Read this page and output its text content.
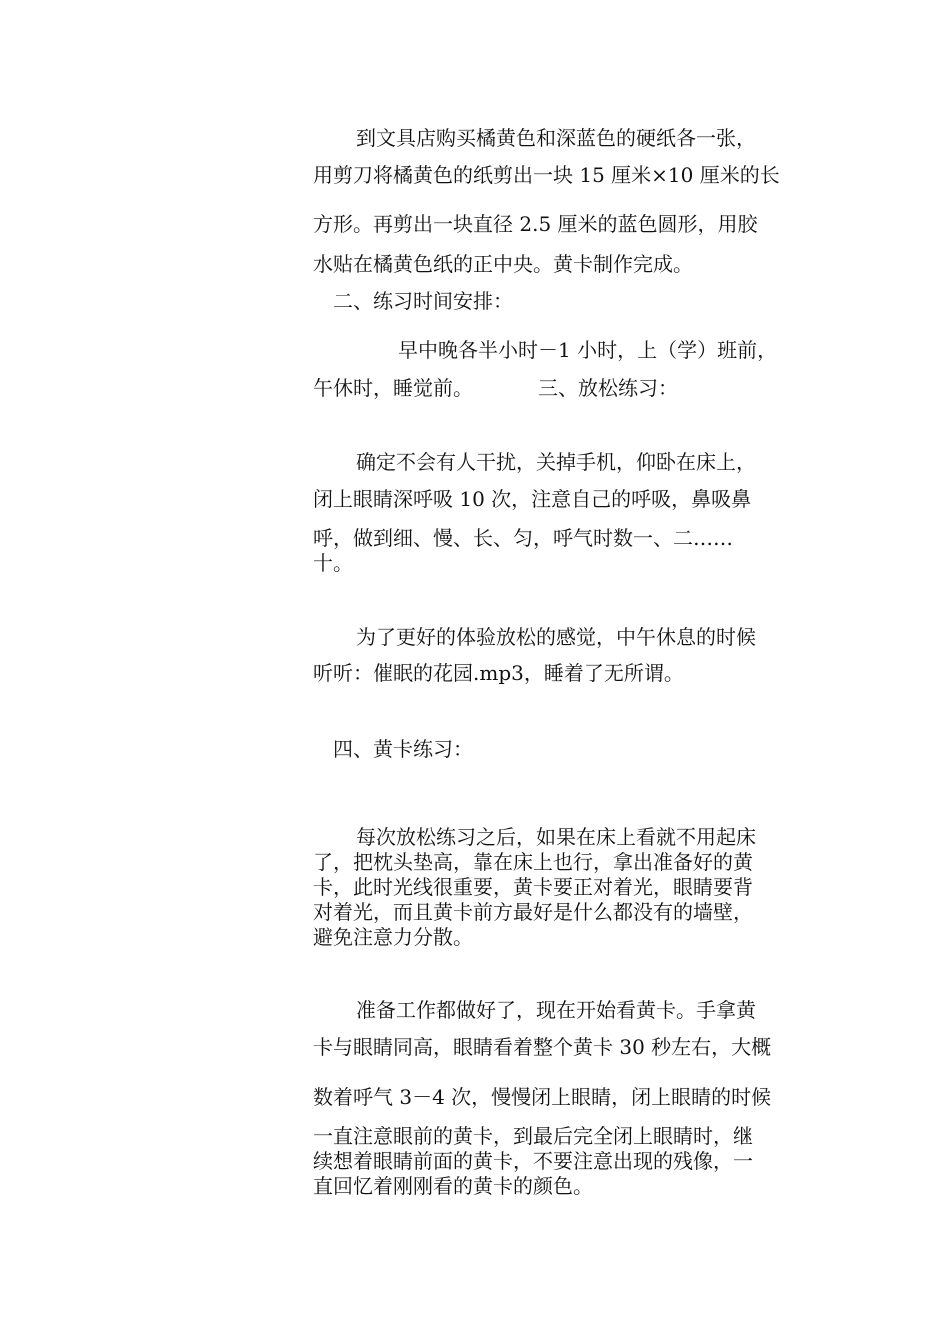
到文具店购买橘黄色和深蓝色的硬纸各一张，
用剪刀将橘黄色的纸剪出一块 15 厘米×10 厘米的长
方形。再剪出一块直径 2.5 厘米的蓝色圆形，用胶
水贴在橘黄色纸的正中央。黄卡制作完成。
二、练习时间安排：
早中晚各半小时－1 小时，上（学）班前，
午休时，睡觉前。	三、放松练习：
确定不会有人干扰，关掉手机，仰卧在床上，
闭上眼睛深呼吸 10 次，注意自己的呼吸，鼻吸鼻
呼，做到细、慢、长、匀，呼气时数一、二……
十。
为了更好的体验放松的感觉，中午休息的时候
听听：催眠的花园.mp3，睡着了无所谓。
四、黄卡练习：
每次放松练习之后，如果在床上看就不用起床
了，把枕头垫高，靠在床上也行，拿出准备好的黄
卡，此时光线很重要，黄卡要正对着光，眼睛要背
对着光，而且黄卡前方最好是什么都没有的墙壁，
避免注意力分散。
准备工作都做好了，现在开始看黄卡。手拿黄
卡与眼睛同高，眼睛看着整个黄卡 30 秒左右，大概
数着呼气 3－4 次，慢慢闭上眼睛，闭上眼睛的时候
一直注意眼前的黄卡，到最后完全闭上眼睛时，继
续想着眼睛前面的黄卡，不要注意出现的残像，一
直回忆着刚刚看的黄卡的颜色。
